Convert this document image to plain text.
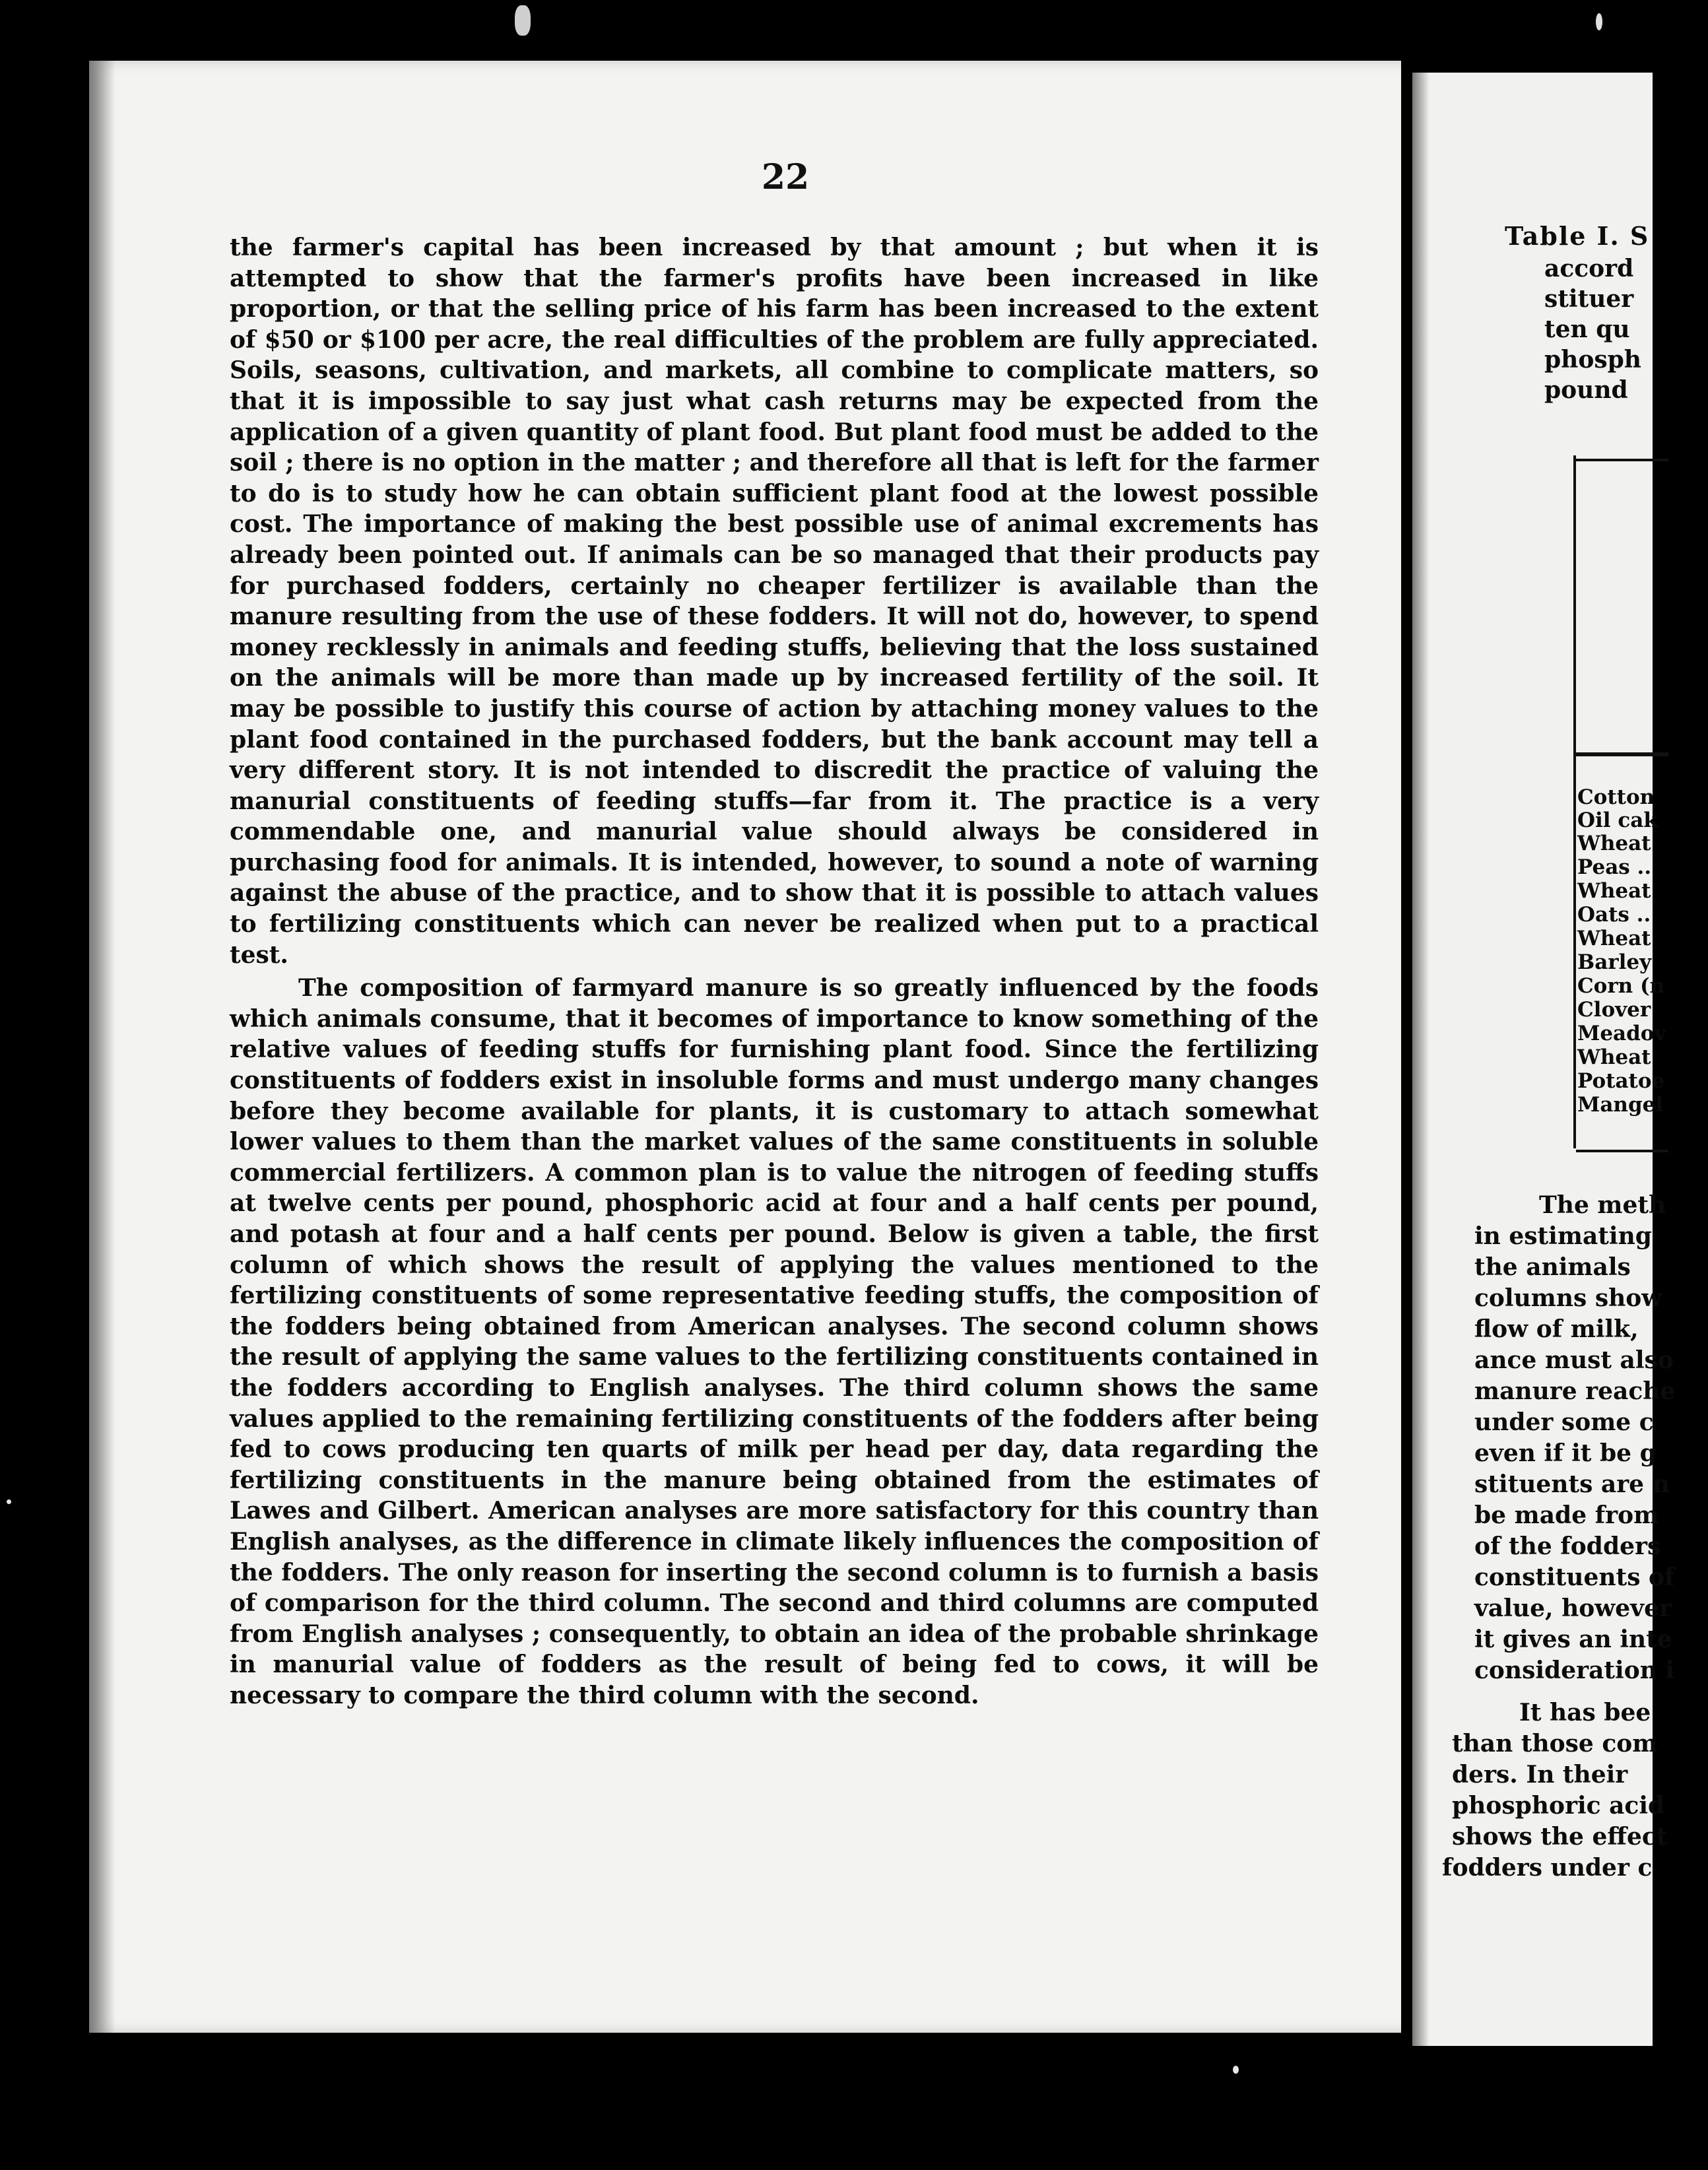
22

the farmer's capital has been increased by that amount ; but when it is attempted to show that the farmer's profits have been increased in like proportion, or that the selling price of his farm has been increased to the extent of $50 or $100 per acre, the real difficulties of the problem are fully appreciated. Soils, seasons, cultivation, and markets, all combine to complicate matters, so that it is impossible to say just what cash returns may be expected from the application of a given quantity of plant food. But plant food must be added to the soil ; there is no option in the matter ; and therefore all that is left for the farmer to do is to study how he can obtain sufficient plant food at the lowest possible cost. The importance of making the best possible use of animal excrements has already been pointed out. If animals can be so managed that their products pay for purchased fodders, certainly no cheaper fertilizer is available than the manure resulting from the use of these fodders. It will not do, however, to spend money recklessly in animals and feeding stuffs, believing that the loss sustained on the animals will be more than made up by increased fertility of the soil. It may be possible to justify this course of action by attaching money values to the plant food contained in the purchased fodders, but the bank account may tell a very different story. It is not intended to discredit the practice of valuing the manurial constituents of feeding stuffs—far from it. The practice is a very commendable one, and manurial value should always be considered in purchasing food for animals. It is intended, however, to sound a note of warning against the abuse of the practice, and to show that it is possible to attach values to fertilizing constituents which can never be realized when put to a practical test.

The composition of farmyard manure is so greatly influenced by the foods which animals consume, that it becomes of importance to know something of the relative values of feeding stuffs for furnishing plant food. Since the fertilizing constituents of fodders exist in insoluble forms and must undergo many changes before they become available for plants, it is customary to attach somewhat lower values to them than the market values of the same constituents in soluble commercial fertilizers. A common plan is to value the nitrogen of feeding stuffs at twelve cents per pound, phosphoric acid at four and a half cents per pound, and potash at four and a half cents per pound. Below is given a table, the first column of which shows the result of applying the values mentioned to the fertilizing constituents of some representative feeding stuffs, the composition of the fodders being obtained from American analyses. The second column shows the result of applying the same values to the fertilizing constituents contained in the fodders according to English analyses. The third column shows the same values applied to the remaining fertilizing constituents of the fodders after being fed to cows producing ten quarts of milk per head per day, data regarding the fertilizing constituents in the manure being obtained from the estimates of Lawes and Gilbert. American analyses are more satisfactory for this country than English analyses, as the difference in climate likely influences the composition of the fodders. The only reason for inserting the second column is to furnish a basis of comparison for the third column. The second and third columns are computed from English analyses ; consequently, to obtain an idea of the probable shrinkage in manurial value of fodders as the result of being fed to cows, it will be necessary to compare the third column with the second.

Table I. S
accord
stituer
ten qu
phosph
pound
Cotton
Oil cak
Wheat
Peas ..
Wheat
Oats ..
Wheat
Barley
Corn (n
Clover
Meadov
Wheat
Potatoe
Mangel
The meth
in estimating
the animals
columns show
flow of milk,
ance must also
manure reache
under some c
even if it be g
stituents are n
be made from
of the fodders
constituents of
value, however
it gives an inte
consideration i
It has bee
than those com
ders. In their
phosphoric acid
shows the effect
fodders under c
